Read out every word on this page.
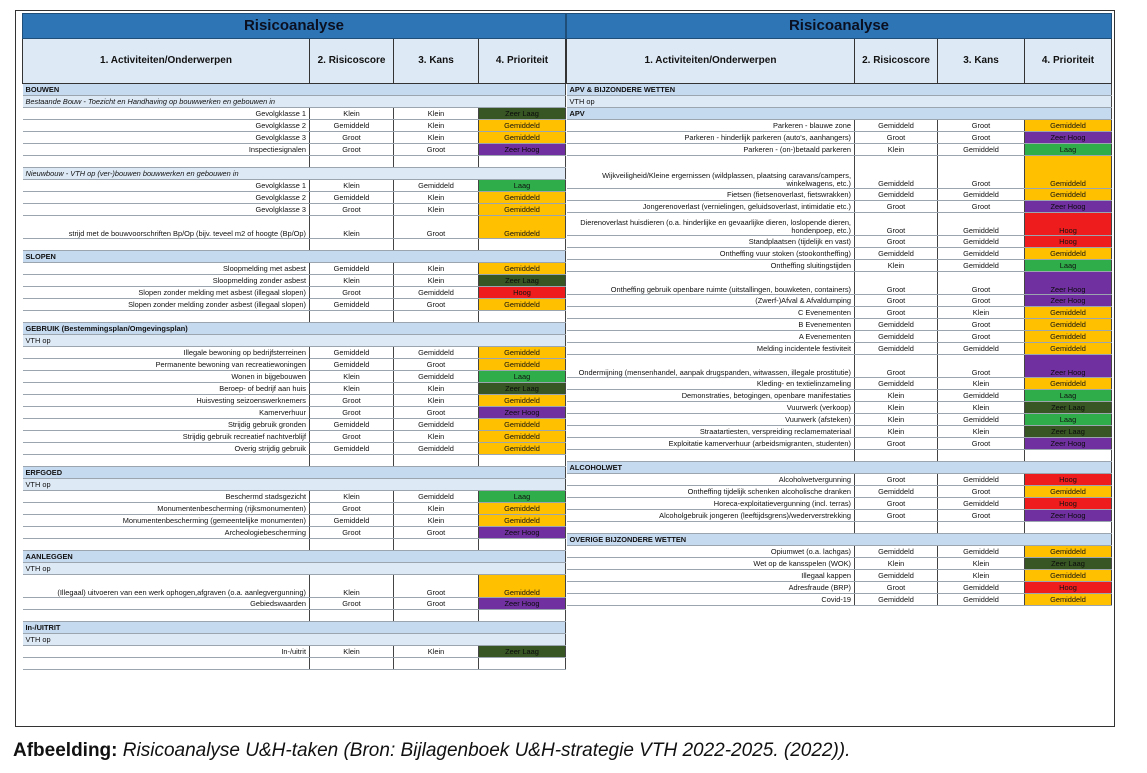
Risicoanalyse			
1. Activiteiten/Onderwerpen	2. Risicoscore	3. Kans	4. Prioriteit
BOUWEN			
Bestaande Bouw - Toezicht en Handhaving op bouwwerken en gebouwen in			
Gevolgklasse 1	Klein	Klein	Zeer Laag
Gevolgklasse 2	Gemiddeld	Klein	Gemiddeld
Gevolgklasse 3	Groot	Klein	Gemiddeld
Inspectiesignalen	Groot	Groot	Zeer Hoog

Nieuwbouw - VTH op (ver-)bouwen bouwwerken en gebouwen in			
Gevolgklasse 1	Klein	Gemiddeld	Laag
Gevolgklasse 2	Gemiddeld	Klein	Gemiddeld
Gevolgklasse 3	Groot	Klein	Gemiddeld
strijd met de bouwvoorschriften Bp/Op (bijv. teveel m2 of hoogte (Bp/Op)	Klein	Groot	Gemiddeld

SLOPEN			
Sloopmelding met asbest	Gemiddeld	Klein	Gemiddeld
Sloopmelding zonder asbest	Klein	Klein	Zeer Laag
Slopen zonder melding met asbest (illegaal slopen)	Groot	Gemiddeld	Hoog
Slopen zonder melding zonder asbest (illegaal slopen)	Gemiddeld	Groot	Gemiddeld

GEBRUIK (Bestemmingsplan/Omgevingsplan)			
VTH op			
Illegale bewoning op bedrijfsterreinen	Gemiddeld	Gemiddeld	Gemiddeld
Permanente bewoning van recreatiewoningen	Gemiddeld	Groot	Gemiddeld
Wonen in bijgebouwen	Klein	Gemiddeld	Laag
Beroep- of bedrijf aan huis	Klein	Klein	Zeer Laag
Huisvesting seizoenswerknemers	Groot	Klein	Gemiddeld
Kamerverhuur	Groot	Groot	Zeer Hoog
Strijdig gebruik gronden	Gemiddeld	Gemiddeld	Gemiddeld
Strijdig gebruik recreatief nachtverblijf	Groot	Klein	Gemiddeld
Overig strijdig gebruik	Gemiddeld	Gemiddeld	Gemiddeld

ERFGOED			
VTH op			
Beschermd stadsgezicht	Klein	Gemiddeld	Laag
Monumentenbescherming (rijksmonumenten)	Groot	Klein	Gemiddeld
Monumentenbescherming (gemeentelijke monumenten)	Gemiddeld	Klein	Gemiddeld
Archeologiebescherming	Groot	Groot	Zeer Hoog

AANLEGGEN			
VTH op			
(Illegaal) uitvoeren van een werk ophogen,afgraven (o.a. aanlegvergunning)	Klein	Groot	Gemiddeld
Gebiedswaarden	Groot	Groot	Zeer Hoog

In-/UITRIT			
VTH op			
In-/uitrit	Klein	Klein	Zeer Laag

Risicoanalyse			
1. Activiteiten/Onderwerpen	2. Risicoscore	3. Kans	4. Prioriteit
APV & BIJZONDERE WETTEN			
VTH op			
APV			
Parkeren - blauwe zone	Gemiddeld	Groot	Gemiddeld
Parkeren - hinderlijk parkeren (auto's, aanhangers)	Groot	Groot	Zeer Hoog
Parkeren - (on-)betaald parkeren	Klein	Gemiddeld	Laag
Wijkveiligheid/Kleine ergernissen (wildplassen, plaatsing caravans/campers, winkelwagens, etc.)	Gemiddeld	Groot	Gemiddeld
Fietsen (fietsenoverlast, fietswrakken)	Gemiddeld	Gemiddeld	Gemiddeld
Jongerenoverlast (vernielingen, geluidsoverlast, intimidatie etc.)	Groot	Groot	Zeer Hoog
Dierenoverlast huisdieren (o.a. hinderlijke en gevaarlijke dieren, loslopende dieren, hondenpoep, etc.)	Groot	Gemiddeld	Hoog
Standplaatsen (tijdelijk en vast)	Groot	Gemiddeld	Hoog
Ontheffing vuur stoken (stookontheffing)	Gemiddeld	Gemiddeld	Gemiddeld
Ontheffing sluitingstijden	Klein	Gemiddeld	Laag
Ontheffing gebruik openbare ruimte (uitstallingen, bouwketen, containers)	Groot	Groot	Zeer Hoog
(Zwerf-)Afval & Afvaldumping	Groot	Groot	Zeer Hoog
C Evenementen	Groot	Klein	Gemiddeld
B Evenementen	Gemiddeld	Groot	Gemiddeld
A Evenementen	Gemiddeld	Groot	Gemiddeld
Melding incidentele festiviteit	Gemiddeld	Gemiddeld	Gemiddeld
Ondermijning (mensenhandel, aanpak drugspanden, witwassen, illegale prostitutie)	Groot	Groot	Zeer Hoog
Kleding- en textielinzameling	Gemiddeld	Klein	Gemiddeld
Demonstraties, betogingen, openbare manifestaties	Klein	Gemiddeld	Laag
Vuurwerk (verkoop)	Klein	Klein	Zeer Laag
Vuurwerk (afsteken)	Klein	Gemiddeld	Laag
Straatartiesten, verspreiding reclamemateriaal	Klein	Klein	Zeer Laag
Exploitatie kamerverhuur (arbeidsmigranten, studenten)	Groot	Groot	Zeer Hoog

ALCOHOLWET			
Alcoholwetvergunning	Groot	Gemiddeld	Hoog
Ontheffing tijdelijk schenken alcoholische dranken	Gemiddeld	Groot	Gemiddeld
Horeca-exploitatievergunning (incl. terras)	Groot	Gemiddeld	Hoog
Alcoholgebruik jongeren (leeftijdsgrens)/wederverstrekking	Groot	Groot	Zeer Hoog

OVERIGE BIJZONDERE WETTEN			
Opiumwet (o.a. lachgas)	Gemiddeld	Gemiddeld	Gemiddeld
Wet op de kansspelen (WOK)	Klein	Klein	Zeer Laag
Illegaal kappen	Gemiddeld	Klein	Gemiddeld
Adresfraude (BRP)	Groot	Gemiddeld	Hoog
Covid-19	Gemiddeld	Gemiddeld	Gemiddeld
Afbeelding: Risicoanalyse U&H-taken (Bron: Bijlagenboek U&H-strategie VTH 2022-2025. (2022)).
